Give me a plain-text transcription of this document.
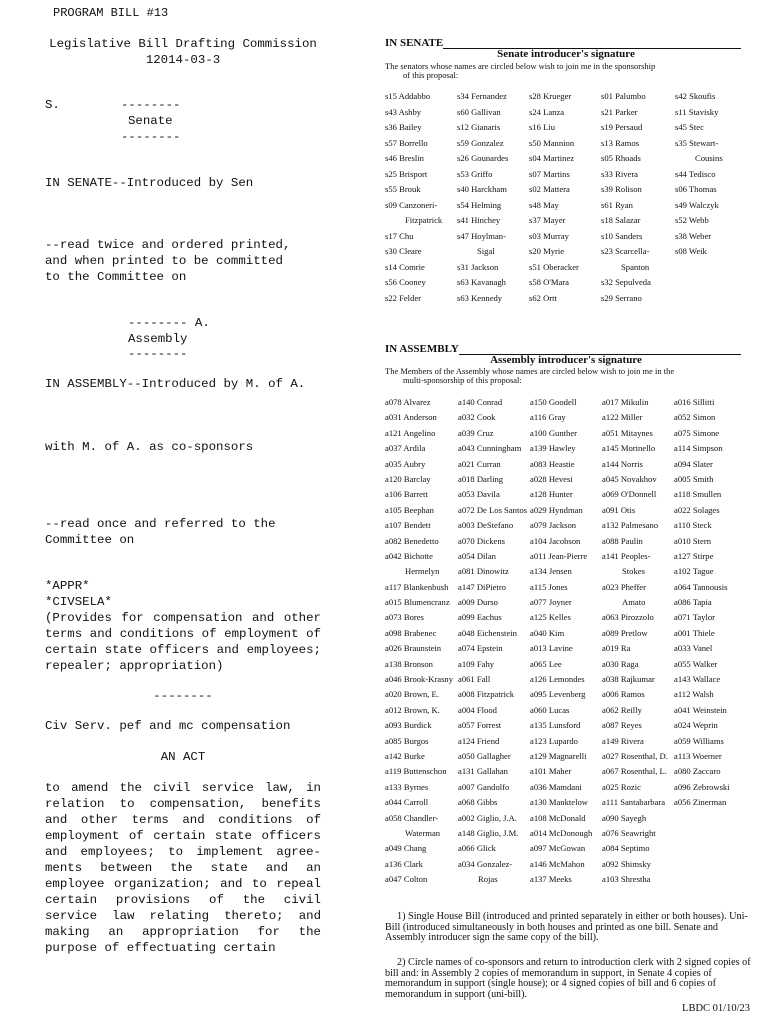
PROGRAM BILL #13
Legislative Bill Drafting Commission
12014-03-3
S.	--------
Senate
--------
IN SENATE--Introduced by Sen
--read twice and ordered printed,
and when printed to be committed
to the Committee on
-------- A.
Assembly
--------
IN ASSEMBLY--Introduced by M. of A.
with M. of A. as co-sponsors
--read once and referred to the
Committee on
*APPR*
*CIVSELA*
(Provides for compensation and other terms and conditions of employment of certain state officers and employees; repealer; appropriation)
--------
Civ Serv. pef and mc compensation
AN ACT
to amend the civil service law, in relation to compensation, benefits and other terms and conditions of employment of certain state officers and employees; to implement agree- ments between the state and an employee organization; and to repeal certain provisions of the civil service law relating thereto; and making an appropriation for the purpose of effectuating certain
IN SENATE
Senate introducer's signature
The senators whose names are circled below wish to join me in the sponsorship
of this proposal:
s15 Addabbo	s34 Fernandez	s28 Krueger	s01 Palumbo	s42 Skoufis
s43 Ashby	s60 Gallivan	s24 Lanza	s21 Parker	s11 Stavisky
s36 Bailey	s12 Gianaris	s16 Liu	s19 Persaud	s45 Stec
s57 Borrello	s59 Gonzalez	s50 Mannion	s13 Ramos	s35 Stewart-
s46 Breslin	s26 Gounardes	s04 Martinez	s05 Rhoads	Cousins
s25 Brisport	s53 Griffo	s07 Martins	s33 Rivera	s44 Tedisco
s55 Brouk	s40 Harckham	s02 Mattera	s39 Rolison	s06 Thomas
s09 Canzoneri-	s54 Helming	s48 May	s61 Ryan	s49 Walczyk
Fitzpatrick	s41 Hinchey	s37 Mayer	s18 Salazar	s52 Webb
s17 Chu	s47 Hoylman-	s03 Murray	s10 Sanders	s38 Weber
s30 Cleare	Sigal	s20 Myrie	s23 Scarcella-	s08 Weik
s14 Comrie	s31 Jackson	s51 Oberacker	Spanton
s56 Cooney	s63 Kavanagh	s58 O'Mara	s32 Sepulveda
s22 Felder	s63 Kennedy	s62 Ortt	s29 Serrano
IN ASSEMBLY
Assembly introducer's signature
The Members of the Assembly whose names are circled below wish to join me in the
multi-sponsorship of this proposal:
a078 Alvarez	a140 Conrad	a150 Goodell	a017 Mikulin	a016 Sillitti
a031 Anderson	a032 Cook	a116 Gray	a122 Miller	a052 Simon
a121 Angelino	a039 Cruz	a100 Gunther	a051 Mitaynes	a075 Simone
a037 Ardila	a043 Cunningham	a139 Hawley	a145 Morinello	a114 Simpson
a035 Aubry	a021 Curran	a083 Heastie	a144 Norris	a094 Slater
a120 Barclay	a018 Darling	a028 Hevesi	a045 Novakhov	a005 Smith
a106 Barrett	a053 Davila	a128 Hunter	a069 O'Donnell	a118 Smullen
a105 Beephan	a072 De Los Santos a029 Hyndman	a091 Otis	a022 Solages
a107 Bendett	a003 DeStefano	a079 Jackson	a132 Palmesano	a110 Steck
a082 Benedetto	a070 Dickens	a104 Jacobson	a088 Paulin	a010 Stern
a042 Bichotte	a054 Dilan	a011 Jean-Pierre	a141 Peoples-	a127 Stirpe
Hermelyn	a081 Dinowitz	a134 Jensen	Stokes	a102 Tague
a117 Blankenbush	a147 DiPietro	a115 Jones	a023 Pheffer	a064 Tannousis
a015 Blumencranz a009 Durso	a077 Joyner	Amato	a086 Tapia
a073 Bores	a099 Eachus	a125 Kelles	a063 Pirozzolo	a071 Taylor
a098 Brabenec	a048 Eichenstein	a040 Kim	a089 Pretlow	a001 Thiele
a026 Braunstein	a074 Epstein	a013 Lavine	a019 Ra	a033 Vanel
a138 Bronson	a109 Fahy	a065 Lee	a030 Raga	a055 Walker
a046 Brook-Krasny a061 Fall	a126 Lemondes	a038 Rajkumar	a143 Wallace
a020 Brown, E.	a008 Fitzpatrick	a095 Levenberg	a006 Ramos	a112 Walsh
a012 Brown, K.	a004 Flood	a060 Lucas	a062 Reilly	a041 Weinstein
a093 Burdick	a057 Forrest	a135 Lunsford	a087 Reyes	a024 Weprin
a085 Burgos	a124 Friend	a123 Lupardo	a149 Rivera	a059 Williams
a142 Burke	a050 Gallagher	a129 Magnarelli	a027 Rosenthal, D. a113 Woerner
a119 Buttenschon	a131 Gallahan	a101 Maher	a067 Rosenthal, L. a080 Zaccaro
a133 Byrnes	a007 Gandolfo	a036 Mamdani	a025 Rozic	a096 Zebrowski
a044 Carroll	a068 Gibbs	a130 Manktelow	a111 Santabarbara	a056 Zinerman
a058 Chandler-	a002 Giglio, J.A.	a108 McDonald	a090 Sayegh
Waterman	a148 Giglio, J.M.	a014 McDonough	a076 Seawright
a049 Chang	a066 Glick	a097 McGowan	a084 Septimo
a136 Clark	a034 Gonzalez-	a146 McMahon	a092 Shimsky
a047 Colton	Rojas	a137 Meeks	a103 Shrestha
1) Single House Bill (introduced and printed separately in either or both houses). Uni-Bill (introduced simultaneously in both houses and printed as one bill. Senate and Assembly introducer sign the same copy of the bill).
2) Circle names of co-sponsors and return to introduction clerk with 2 signed copies of bill and: in Assembly 2 copies of memorandum in support, in Senate 4 copies of memorandum in support (single house); or 4 signed copies of bill and 6 copies of memorandum in support (uni-bill).
LBDC 01/10/23
